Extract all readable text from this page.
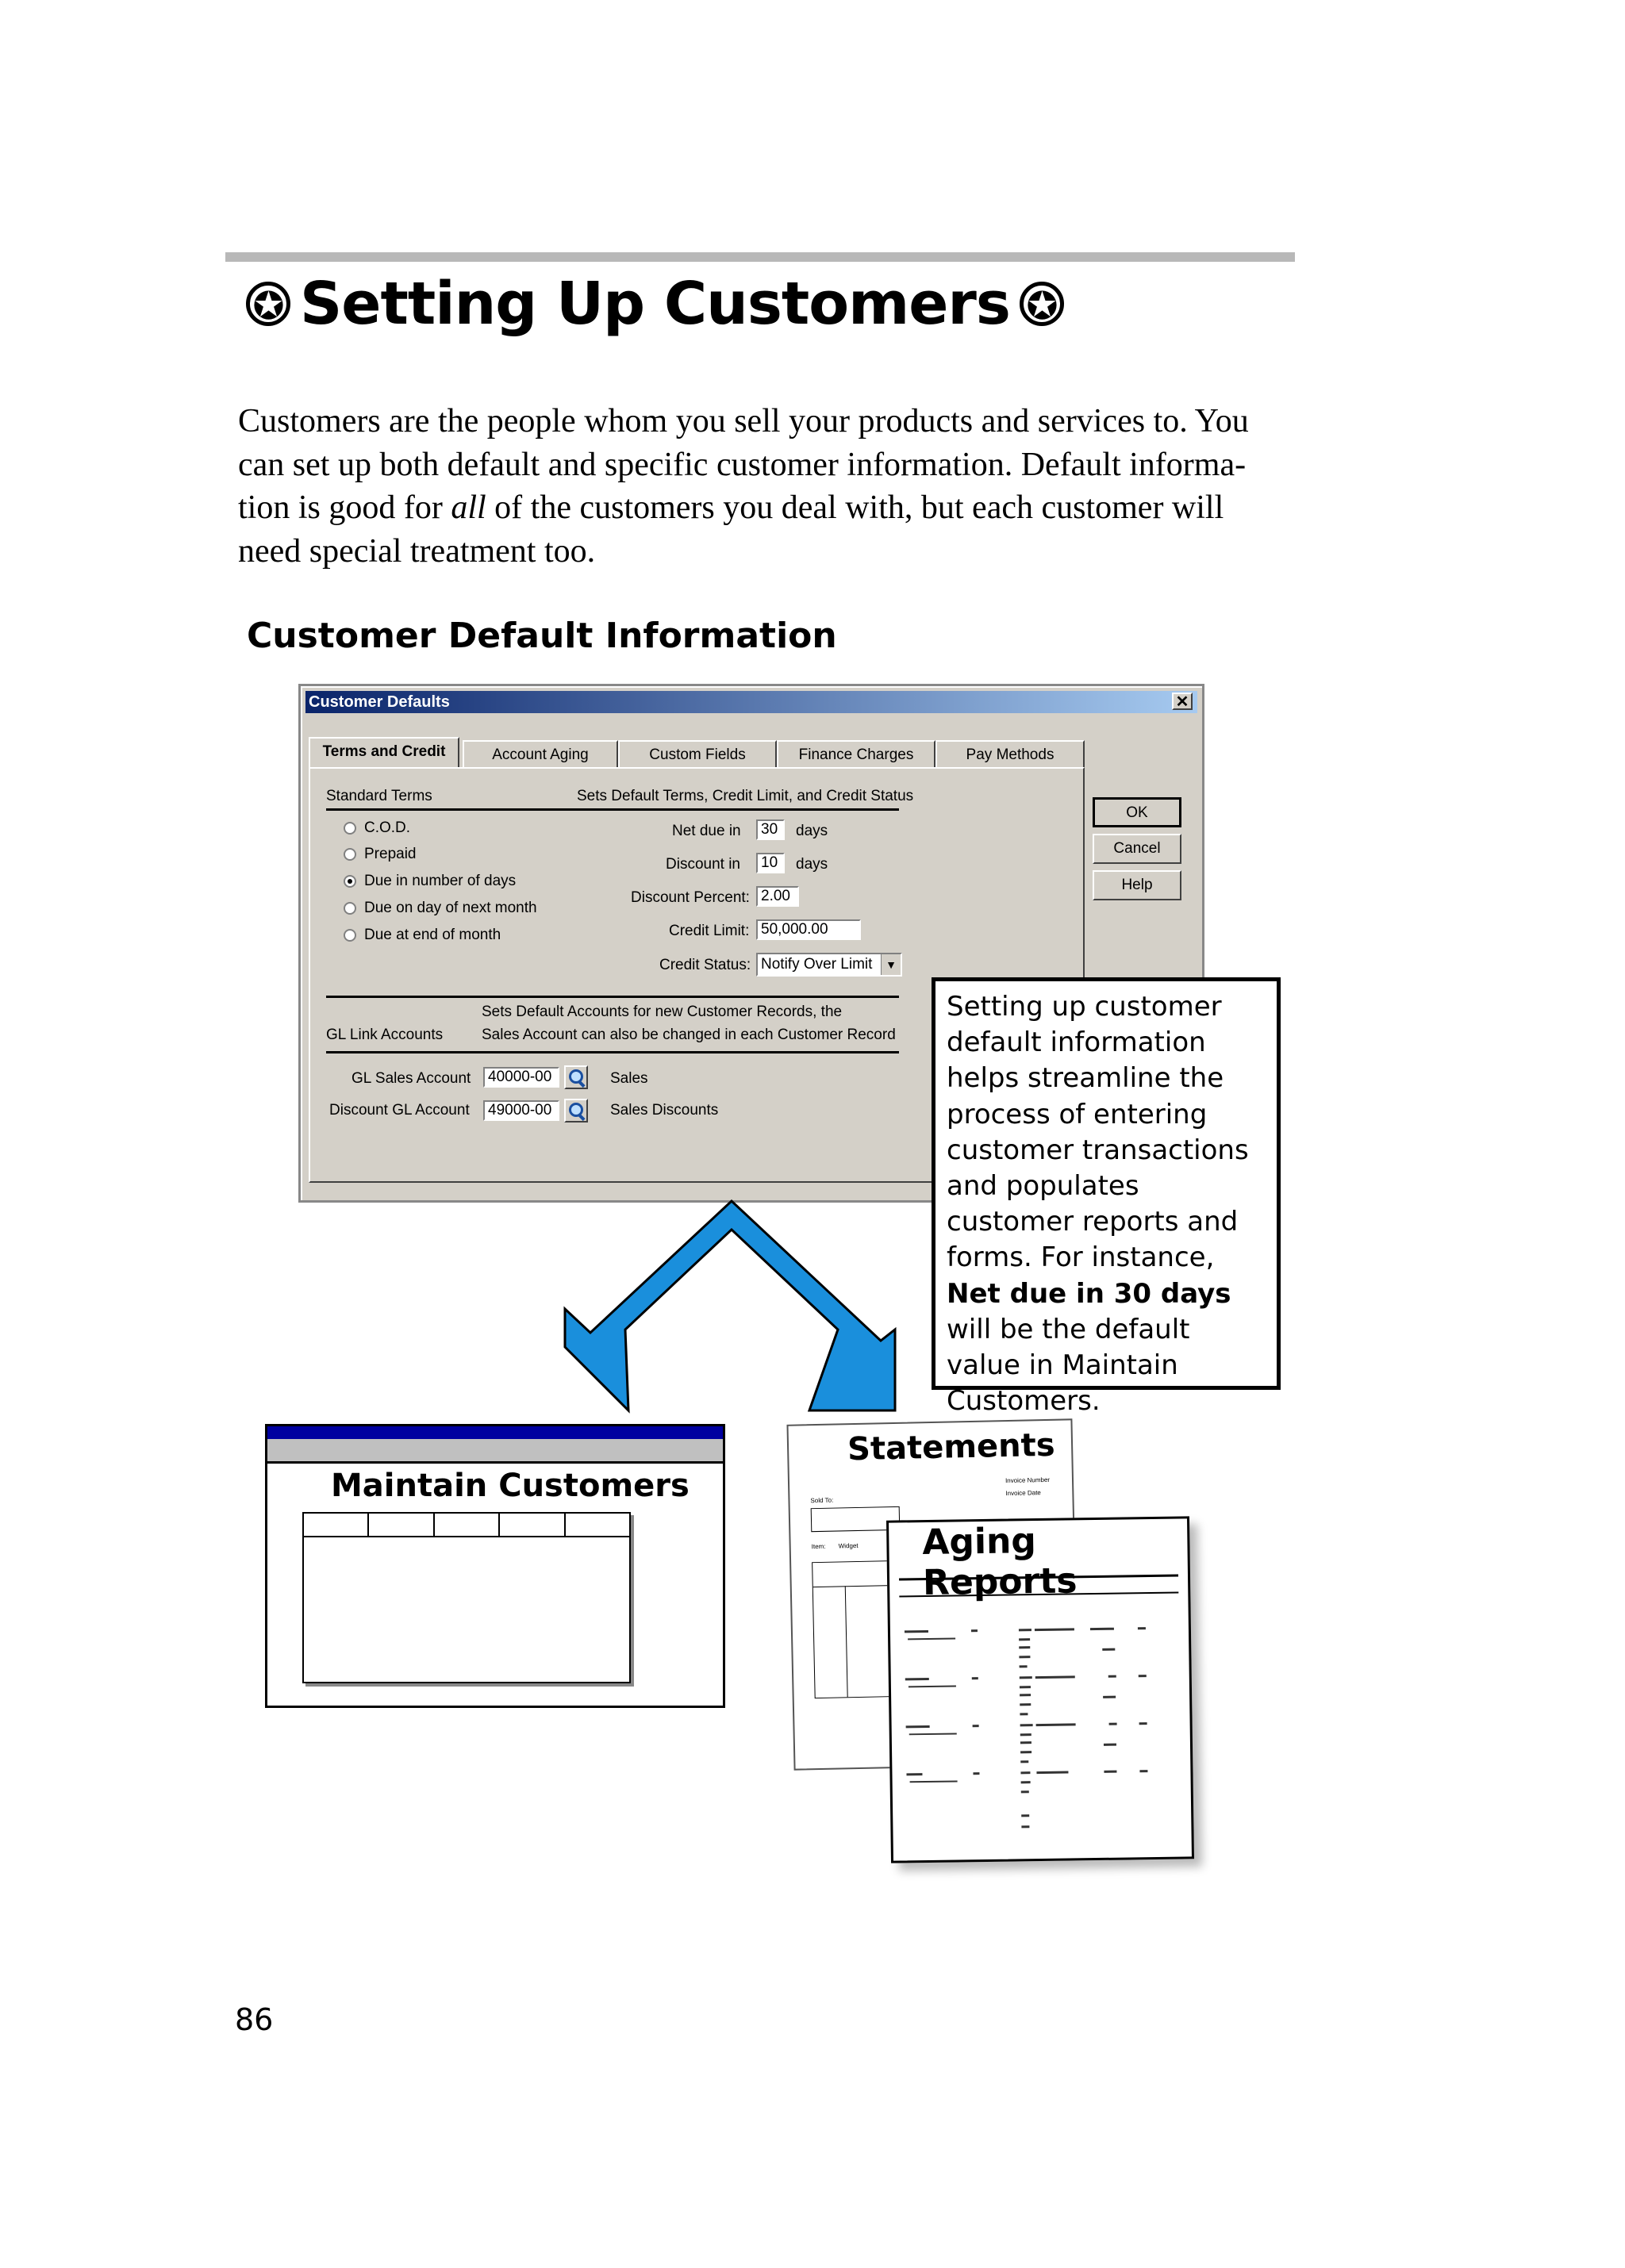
✪ Setting Up Customers ✪

Customers are the people whom you sell your products and services to. You

can set up both default and specific customer information. Default informa-

tion is good for all of the customers you deal with, but each customer will

need special treatment too.

Customer Default Information
Customer Defaults	✕
Terms and Credit	Account Aging	Custom Fields	Finance Charges	Pay Methods
Standard Terms	Sets Default Terms, Credit Limit, and Credit Status
C.O.D.
Prepaid
Due in number of days
Due on day of next month
Due at end of month
Net due in	30	days
Discount in	10	days
Discount Percent: 2.00
Credit Limit: 50,000.00
Credit Status: Notify Over Limit	▼
Sets Default Accounts for new Customer Records, the
GL Link Accounts	Sales Account can also be changed in each Customer Record
GL Sales Account	40000-00	Sales
Discount GL Account	49000-00	Sales Discounts
OK
Cancel
Help
Setting up customer default information helps streamline the process of entering customer transactions and populates customer reports and forms. For instance, Net due in 30 days will be the default value in Maintain Customers.
Maintain Customers
Statements
Invoice Number
Invoice Date
Sold To:
Item: Widget Aging Reports
86
